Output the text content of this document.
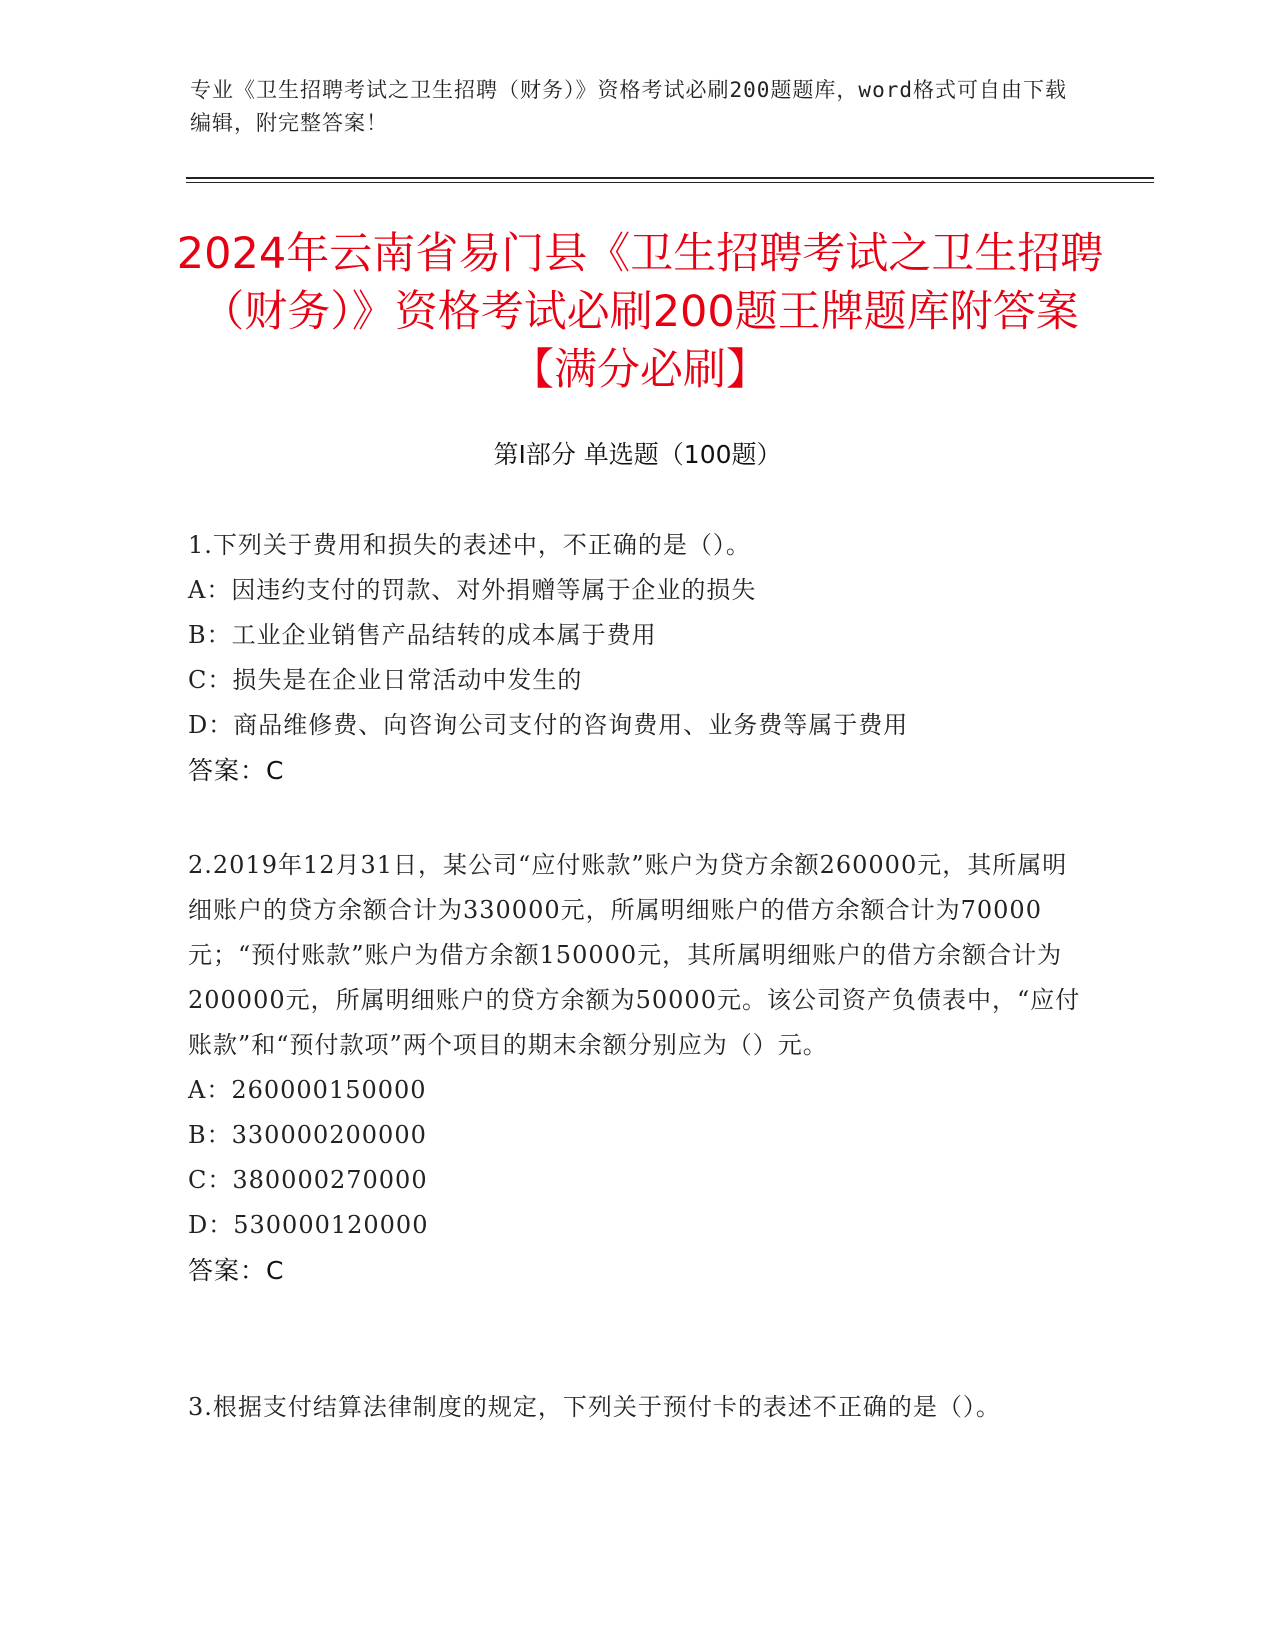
专业《卫生招聘考试之卫生招聘（财务）》资格考试必刷200题题库，word格式可自由下载编辑，附完整答案！
2024年云南省易门县《卫生招聘考试之卫生招聘（财务）》资格考试必刷200题王牌题库附答案【满分必刷】
第Ⅰ部分 单选题（100题）

1.下列关于费用和损失的表述中，不正确的是（）。

A：因违约支付的罚款、对外捐赠等属于企业的损失

B：工业企业销售产品结转的成本属于费用

C：损失是在企业日常活动中发生的

D：商品维修费、向咨询公司支付的咨询费用、业务费等属于费用

答案：C

2.2019年12月31日，某公司“应付账款”账户为贷方余额260000元，其所属明细账户的贷方余额合计为330000元，所属明细账户的借方余额合计为70000元；“预付账款”账户为借方余额150000元，其所属明细账户的借方余额合计为200000元，所属明细账户的贷方余额为50000元。该公司资产负债表中，“应付账款”和“预付款项”两个项目的期末余额分别应为（）元。

A：260000150000

B：330000200000

C：380000270000

D：530000120000

答案：C

3.根据支付结算法律制度的规定，下列关于预付卡的表述不正确的是（）。
